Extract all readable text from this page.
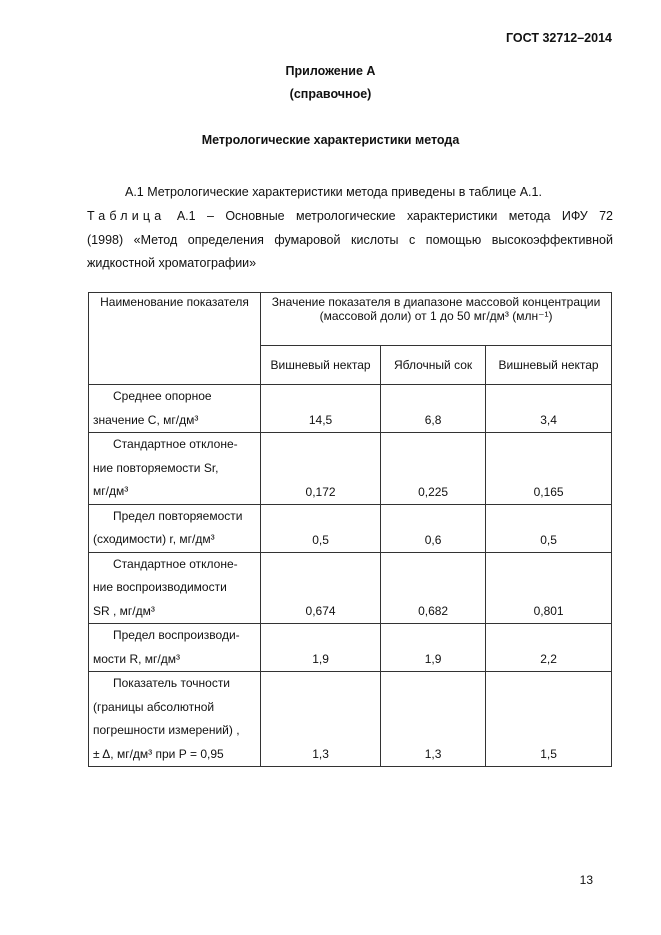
ГОСТ 32712–2014
Приложение А
(справочное)
Метрологические характеристики метода
А.1 Метрологические характеристики метода приведены в таблице А.1.
Таблица А.1 – Основные метрологические характеристики метода ИФУ 72
(1998) «Метод определения фумаровой кислоты с помощью высокоэффективной
жидкостной хроматографии»
Наименование показателя	Значение показателя в диапазоне массовой концентрации (массовой доли) от 1 до 50 мг/дм³ (млн⁻¹)		
	Вишневый нектар	Яблочный сок	Вишневый нектар

Среднее опорное
значение С, мг/дм³	14,5	6,8	3,4

Стандартное отклоне-
ние повторяемости Sr,
мг/дм³	0,172	0,225	0,165

Предел повторяемости
(сходимости) r, мг/дм³	0,5	0,6	0,5

Стандартное отклоне-
ние воспроизводимости
SR , мг/дм³	0,674	0,682	0,801

Предел воспроизводи-
мости R, мг/дм³	1,9	1,9	2,2

Показатель точности
(границы абсолютной
погрешности измерений) ,
± Δ, мг/дм³ при Р = 0,95	1,3	1,3	1,5
13
